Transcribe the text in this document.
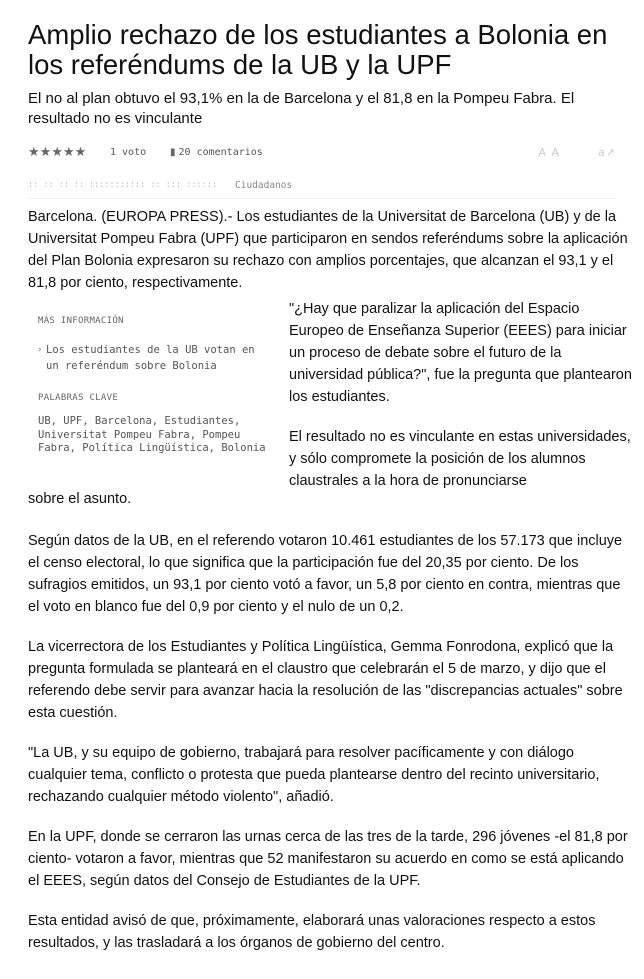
Amplio rechazo de los estudiantes a Bolonia en los referéndums de la UB y la UPF

El no al plan obtuvo el 93,1% en la de Barcelona y el 81,8 en la Pompeu Fabra. El resultado no es vinculante

★★★★★ 1 voto ▮ 20 comentarios	A A	a↗
:: :: :: :: ::::::::::: :: ::: :::::: Ciudadanos

Barcelona. (EUROPA PRESS).- Los estudiantes de la Universitat de Barcelona (UB) y de la Universitat Pompeu Fabra (UPF) que participaron en sendos referéndums sobre la aplicación del Plan Bolonia expresaron su rechazo con amplios porcentajes, que alcanzan el 93,1 y el 81,8 por ciento, respectivamente.

MÁS INFORMACIÓN
› Los estudiantes de la UB votan en un referéndum sobre Bolonia
PALABRAS CLAVE
UB, UPF, Barcelona, Estudiantes, Universitat Pompeu Fabra, Pompeu Fabra, Política Lingüística, Bolonia

"¿Hay que paralizar la aplicación del Espacio Europeo de Enseñanza Superior (EEES) para iniciar un proceso de debate sobre el futuro de la universidad pública?", fue la pregunta que plantearon los estudiantes.

El resultado no es vinculante en estas universidades, y sólo compromete la posición de los alumnos claustrales a la hora de pronunciarse

sobre el asunto.

Según datos de la UB, en el referendo votaron 10.461 estudiantes de los 57.173 que incluye el censo electoral, lo que significa que la participación fue del 20,35 por ciento. De los sufragios emitidos, un 93,1 por ciento votó a favor, un 5,8 por ciento en contra, mientras que el voto en blanco fue del 0,9 por ciento y el nulo de un 0,2.

La vicerrectora de los Estudiantes y Política Lingüística, Gemma Fonrodona, explicó que la pregunta formulada se planteará en el claustro que celebrarán el 5 de marzo, y dijo que el referendo debe servir para avanzar hacia la resolución de las "discrepancias actuales" sobre esta cuestión.

"La UB, y su equipo de gobierno, trabajará para resolver pacíficamente y con diálogo cualquier tema, conflicto o protesta que pueda plantearse dentro del recinto universitario, rechazando cualquier método violento", añadió.

En la UPF, donde se cerraron las urnas cerca de las tres de la tarde, 296 jóvenes -el 81,8 por ciento- votaron a favor, mientras que 52 manifestaron su acuerdo en como se está aplicando el EEES, según datos del Consejo de Estudiantes de la UPF.

Esta entidad avisó de que, próximamente, elaborará unas valoraciones respecto a estos resultados, y las trasladará a los órganos de gobierno del centro.
